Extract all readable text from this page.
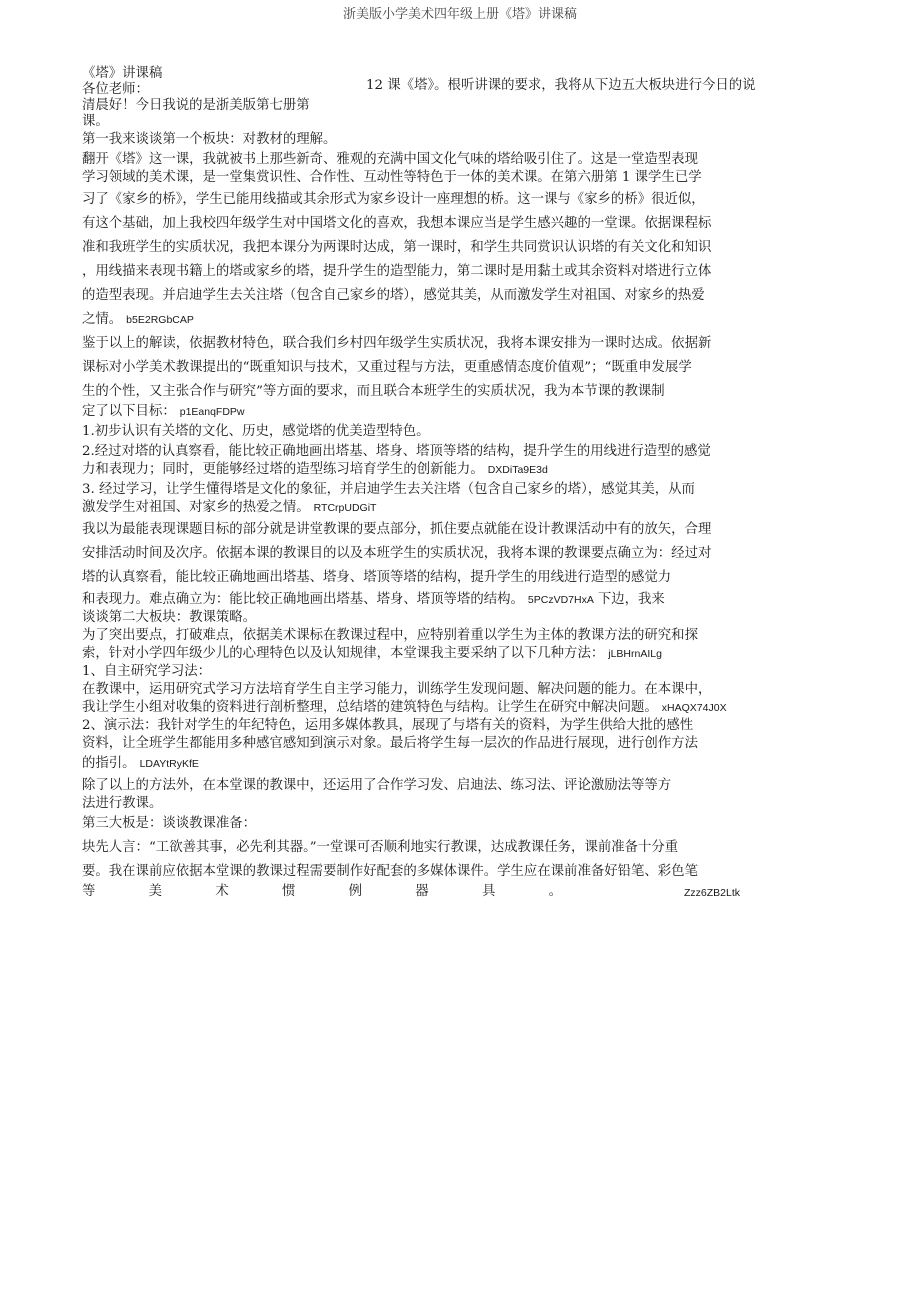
浙美版小学美术四年级上册《塔》讲课稿
《塔》讲课稿
各位老师：	12 课《塔》。根听讲课的要求，我将从下边五大板块进行今日的说
清晨好！今日我说的是浙美版第七册第
课。
第一我来谈谈第一个板块：对教材的理解。
翻开《塔》这一课，我就被书上那些新奇、雅观的充满中国文化气味的塔给吸引住了。这是一堂造型表现
学习领域的美术课，是一堂集赏识性、合作性、互动性等特色于一体的美术课。在第六册第 1 课学生已学
习了《家乡的桥》，学生已能用线描或其余形式为家乡设计一座理想的桥。这一课与《家乡的桥》很近似，
有这个基础，加上我校四年级学生对中国塔文化的喜欢，我想本课应当是学生感兴趣的一堂课。依据课程标
准和我班学生的实质状况，我把本课分为两课时达成，第一课时，和学生共同赏识认识塔的有关文化和知识
，用线描来表现书籍上的塔或家乡的塔，提升学生的造型能力，第二课时是用黏土或其余资料对塔进行立体
的造型表现。并启迪学生去关注塔（包含自己家乡的塔），感觉其美，从而激发学生对祖国、对家乡的热爱
之情。 b5E2RGbCAP
鉴于以上的解读，依据教材特色，联合我们乡村四年级学生实质状况，我将本课安排为一课时达成。依据新
课标对小学美术教课提出的“既重知识与技术，又重过程与方法，更重感情态度价值观”；“既重申发展学
生的个性，又主张合作与研究”等方面的要求，而且联合本班学生的实质状况，我为本节课的教课制
定了以下目标： p1EanqFDPw
1.初步认识有关塔的文化、历史，感觉塔的优美造型特色。
2.经过对塔的认真察看，能比较正确地画出塔基、塔身、塔顶等塔的结构，提升学生的用线进行造型的感觉
力和表现力；同时，更能够经过塔的造型练习培育学生的创新能力。 DXDiTa9E3d
3. 经过学习，让学生懂得塔是文化的象征，并启迪学生去关注塔（包含自己家乡的塔），感觉其美，从而
激发学生对祖国、对家乡的热爱之情。 RTCrpUDGiT
我以为最能表现课题目标的部分就是讲堂教课的要点部分，抓住要点就能在设计教课活动中有的放矢，合理
安排活动时间及次序。依据本课的教课目的以及本班学生的实质状况，我将本课的教课要点确立为：经过对
塔的认真察看，能比较正确地画出塔基、塔身、塔顶等塔的结构，提升学生的用线进行造型的感觉力
和表现力。难点确立为：能比较正确地画出塔基、塔身、塔顶等塔的结构。 5PCzVD7HxA 下边，我来
谈谈第二大板块：教课策略。
为了突出要点，打破难点，依据美术课标在教课过程中，应特别着重以学生为主体的教课方法的研究和探
索，针对小学四年级少儿的心理特色以及认知规律，本堂课我主要采纳了以下几种方法： jLBHrnAILg
1、自主研究学习法：
在教课中，运用研究式学习方法培育学生自主学习能力，训练学生发现问题、解决问题的能力。在本课中，
我让学生小组对收集的资料进行剖析整理，总结塔的建筑特色与结构。让学生在研究中解决问题。 xHAQX74J0X
2、演示法：我针对学生的年纪特色，运用多媒体教具，展现了与塔有关的资料，为学生供给大批的感性
资料，让全班学生都能用多种感官感知到演示对象。最后将学生每一层次的作品进行展现，进行创作方法
的指引。 LDAYtRyKfE
除了以上的方法外，在本堂课的教课中，还运用了合作学习发、启迪法、练习法、评论激励法等等方
法进行教课。
第三大板是：谈谈教课准备：
块先人言：“工欲善其事，必先利其器。”一堂课可否顺利地实行教课，达成教课任务，课前准备十分重
要。我在课前应依据本堂课的教课过程需要制作好配套的多媒体课件。学生应在课前准备好铅笔、彩色笔
等	美	术	惯	例	器	具	。	Zzz6ZB2Ltk
